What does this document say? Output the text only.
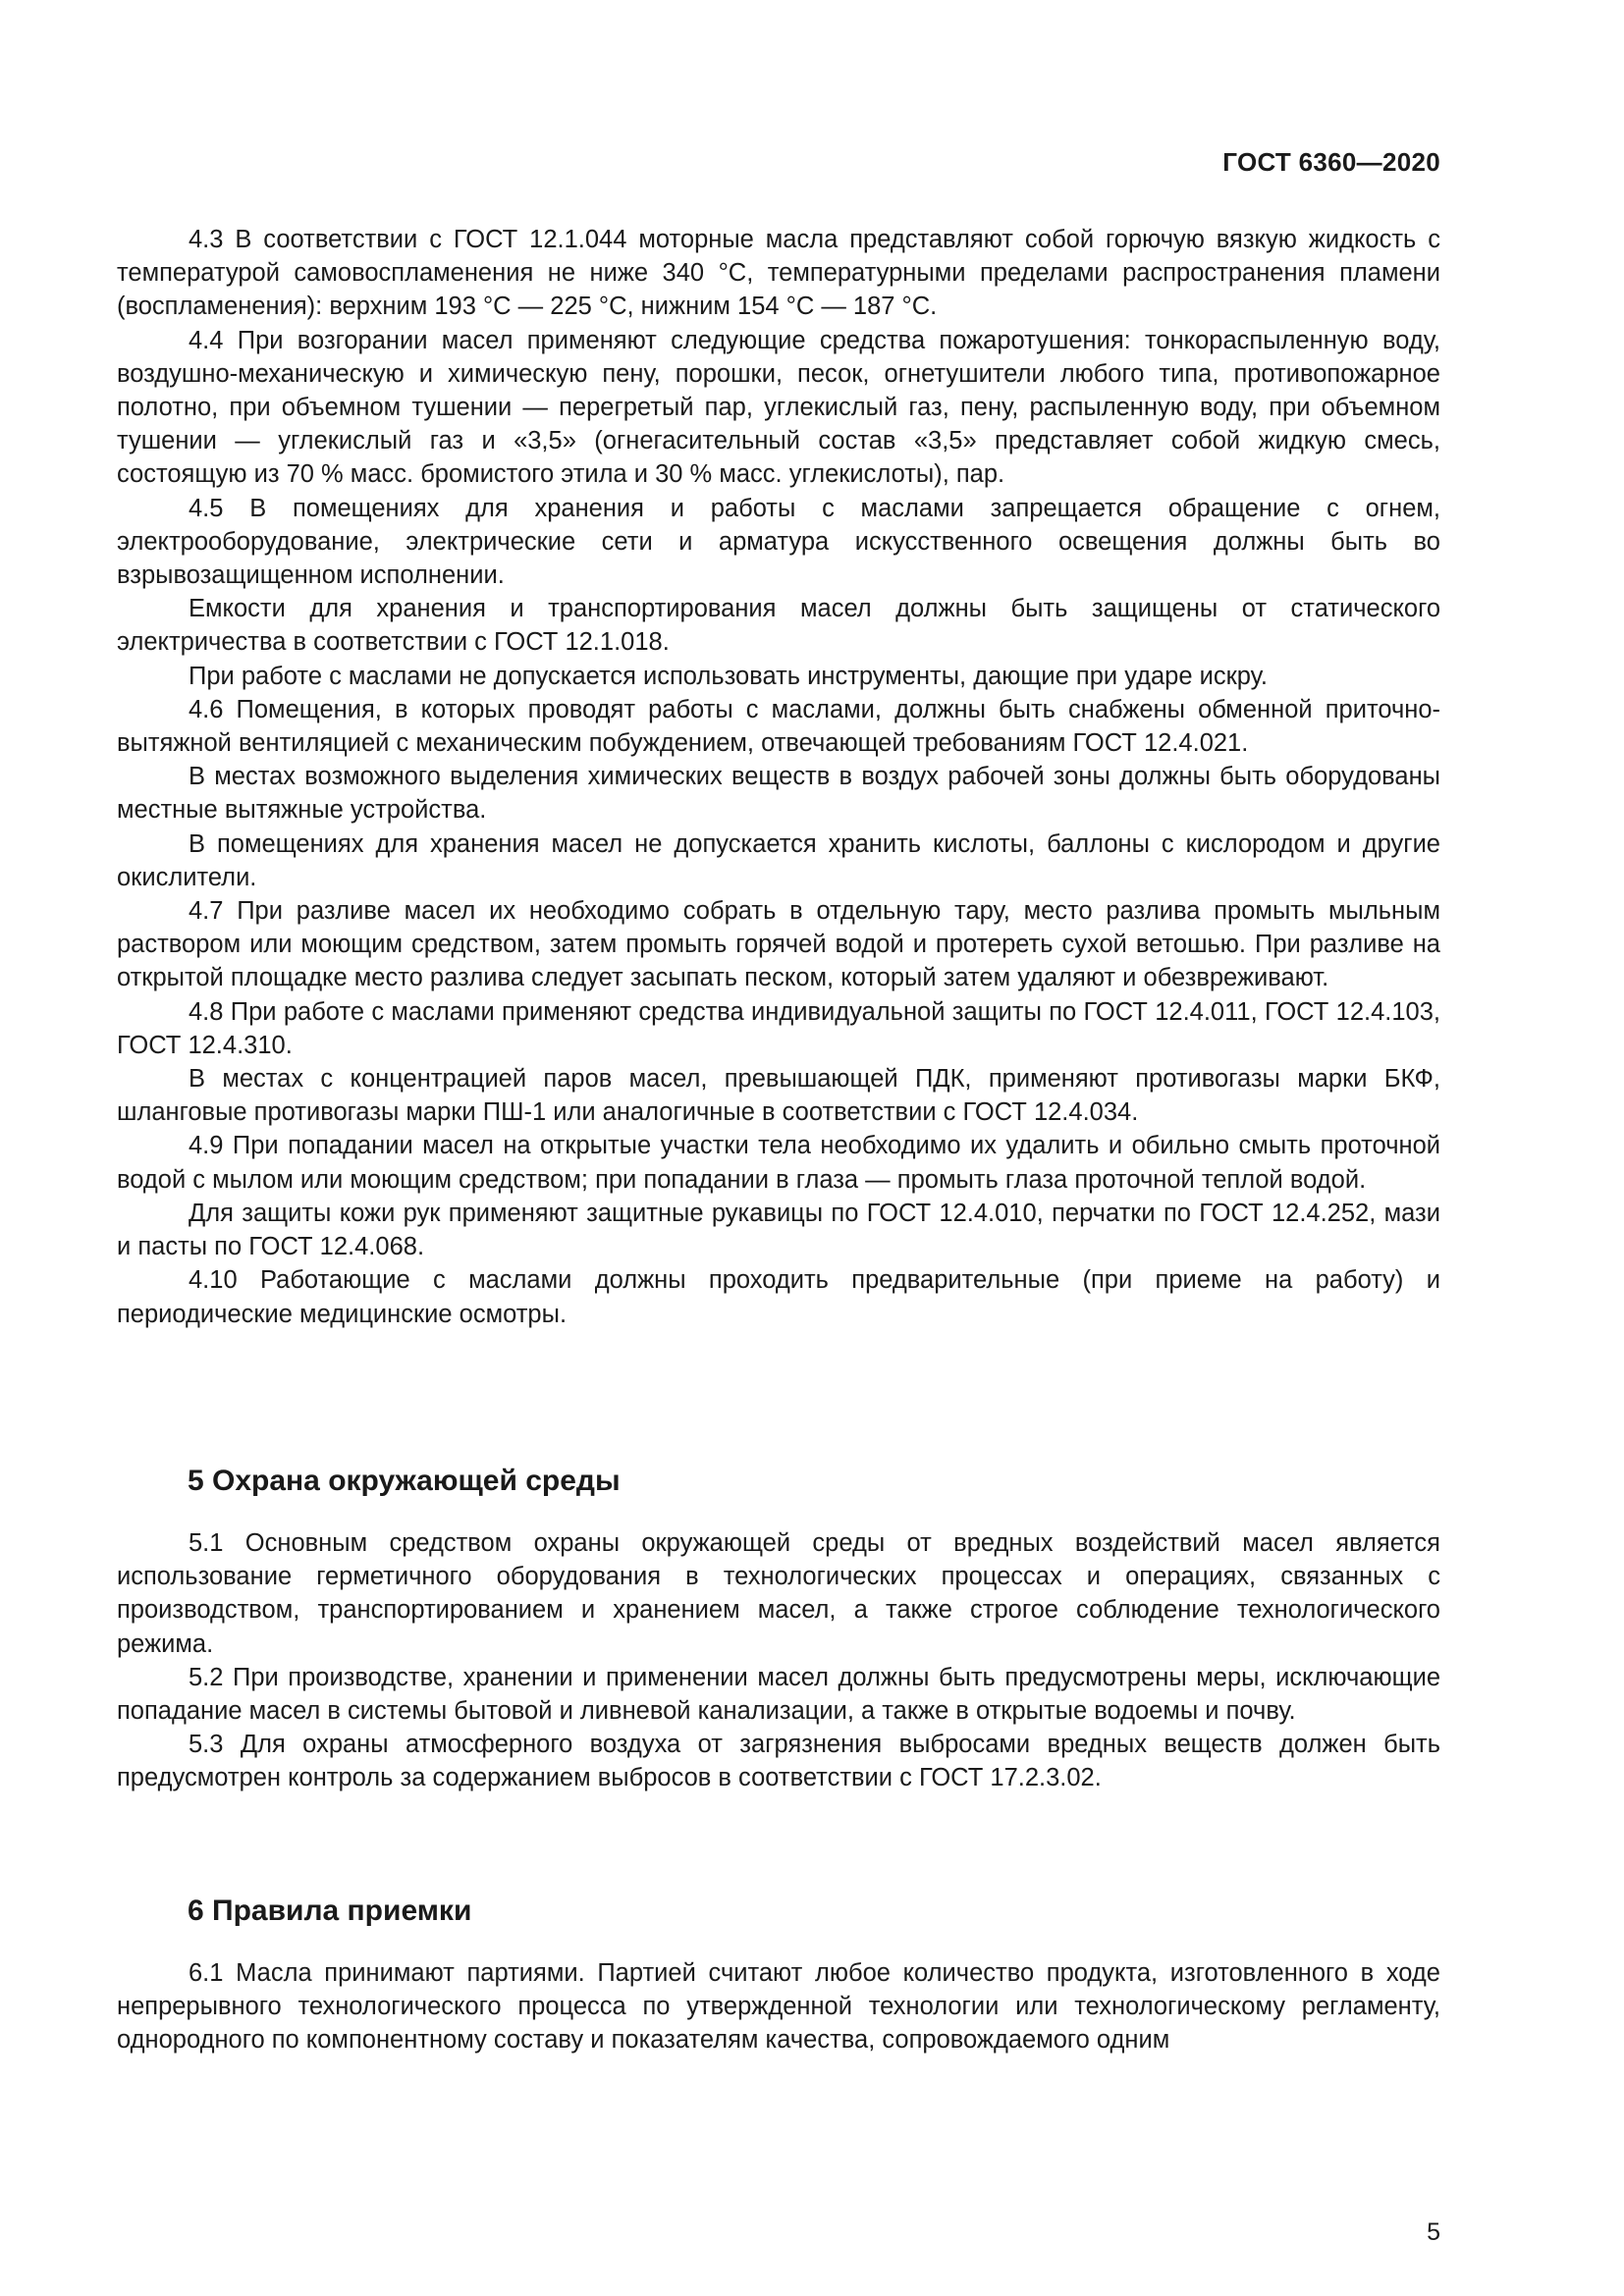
ГОСТ 6360—2020

4.3 В соответствии с ГОСТ 12.1.044 моторные масла представляют собой горючую вязкую жидкость с температурой самовоспламенения не ниже 340 °С, температурными пределами распространения пламени (воспламенения): верхним 193 °С — 225 °С, нижним 154 °С — 187 °С.

4.4 При возгорании масел применяют следующие средства пожаротушения: тонкораспыленную воду, воздушно-механическую и химическую пену, порошки, песок, огнетушители любого типа, противопожарное полотно, при объемном тушении — перегретый пар, углекислый газ, пену, распыленную воду, при объемном тушении — углекислый газ и «3,5» (огнегасительный состав «3,5» представляет собой жидкую смесь, состоящую из 70 % масс. бромистого этила и 30 % масс. углекислоты), пар.

4.5 В помещениях для хранения и работы с маслами запрещается обращение с огнем, электрооборудование, электрические сети и арматура искусственного освещения должны быть во взрывозащищенном исполнении.

Емкости для хранения и транспортирования масел должны быть защищены от статического электричества в соответствии с ГОСТ 12.1.018.

При работе с маслами не допускается использовать инструменты, дающие при ударе искру.

4.6 Помещения, в которых проводят работы с маслами, должны быть снабжены обменной приточно-вытяжной вентиляцией с механическим побуждением, отвечающей требованиям ГОСТ 12.4.021.

В местах возможного выделения химических веществ в воздух рабочей зоны должны быть оборудованы местные вытяжные устройства.

В помещениях для хранения масел не допускается хранить кислоты, баллоны с кислородом и другие окислители.

4.7 При разливе масел их необходимо собрать в отдельную тару, место разлива промыть мыльным раствором или моющим средством, затем промыть горячей водой и протереть сухой ветошью. При разливе на открытой площадке место разлива следует засыпать песком, который затем удаляют и обезвреживают.

4.8 При работе с маслами применяют средства индивидуальной защиты по ГОСТ 12.4.011, ГОСТ 12.4.103, ГОСТ 12.4.310.

В местах с концентрацией паров масел, превышающей ПДК, применяют противогазы марки БКФ, шланговые противогазы марки ПШ-1 или аналогичные в соответствии с ГОСТ 12.4.034.

4.9 При попадании масел на открытые участки тела необходимо их удалить и обильно смыть проточной водой с мылом или моющим средством; при попадании в глаза — промыть глаза проточной теплой водой.

Для защиты кожи рук применяют защитные рукавицы по ГОСТ 12.4.010, перчатки по ГОСТ 12.4.252, мази и пасты по ГОСТ 12.4.068.

4.10 Работающие с маслами должны проходить предварительные (при приеме на работу) и периодические медицинские осмотры.

5 Охрана окружающей среды

5.1 Основным средством охраны окружающей среды от вредных воздействий масел является использование герметичного оборудования в технологических процессах и операциях, связанных с производством, транспортированием и хранением масел, а также строгое соблюдение технологического режима.

5.2 При производстве, хранении и применении масел должны быть предусмотрены меры, исключающие попадание масел в системы бытовой и ливневой канализации, а также в открытые водоемы и почву.

5.3 Для охраны атмосферного воздуха от загрязнения выбросами вредных веществ должен быть предусмотрен контроль за содержанием выбросов в соответствии с ГОСТ 17.2.3.02.

6 Правила приемки

6.1 Масла принимают партиями. Партией считают любое количество продукта, изготовленного в ходе непрерывного технологического процесса по утвержденной технологии или технологическому регламенту, однородного по компонентному составу и показателям качества, сопровождаемого одним

5
